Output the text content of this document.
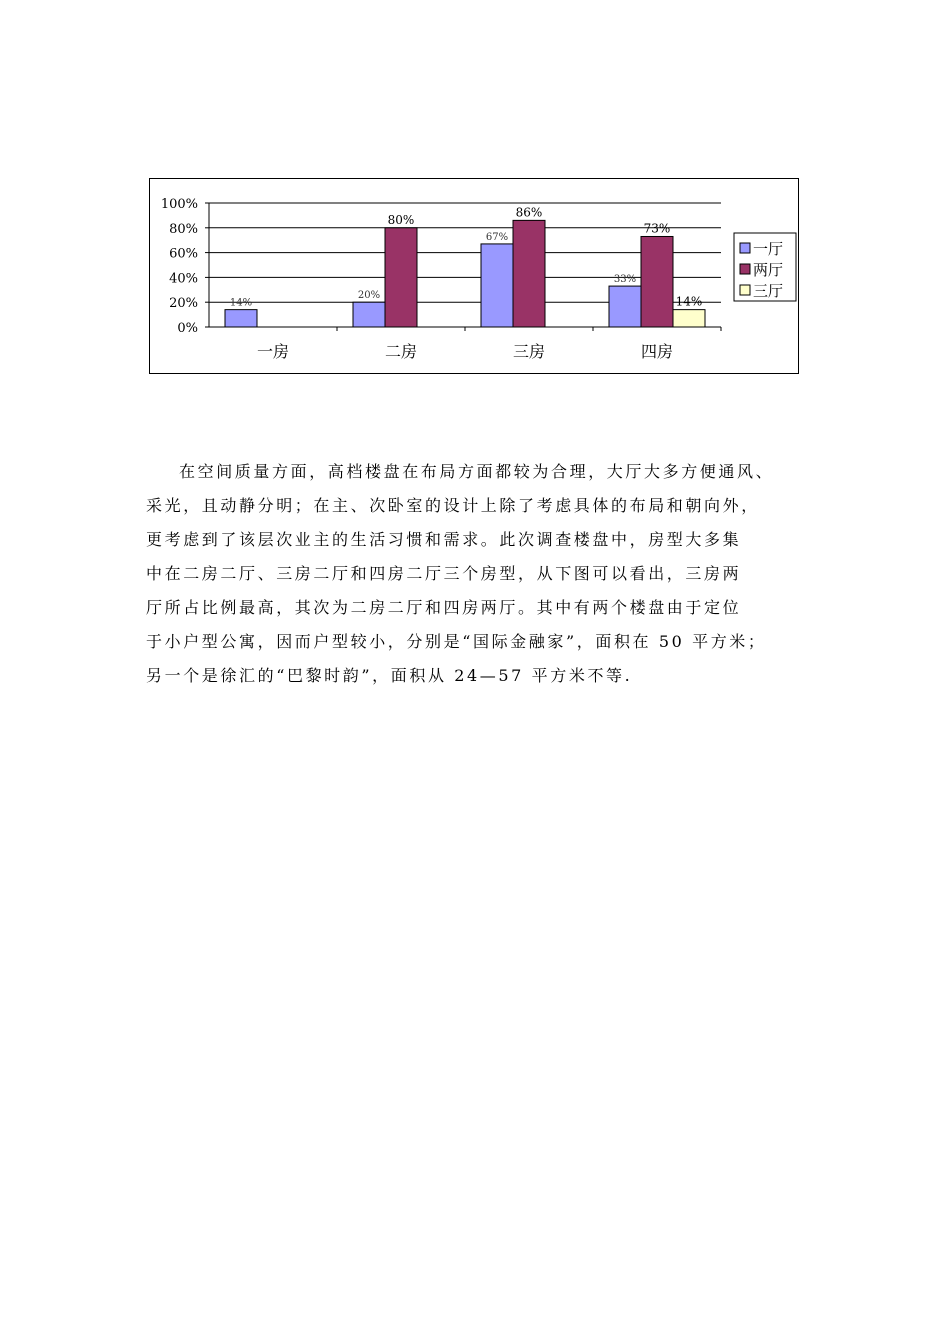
0%
20%
40%
60%
80%
100%
一房
14%
二房
20%
80%
三房
67%
86%
四房
33%
73%
14%
一厅
两厅
三厅
在空间质量方面，高档楼盘在布局方面都较为合理，大厅大多方便通风、
采光，且动静分明；在主、次卧室的设计上除了考虑具体的布局和朝向外，
更考虑到了该层次业主的生活习惯和需求。此次调查楼盘中，房型大多集
中在二房二厅、三房二厅和四房二厅三个房型，从下图可以看出，三房两
厅所占比例最高，其次为二房二厅和四房两厅。其中有两个楼盘由于定位
于小户型公寓，因而户型较小，分别是“国际金融家”，面积在 50 平方米；
另一个是徐汇的“巴黎时韵”，面积从 24—57 平方米不等.
